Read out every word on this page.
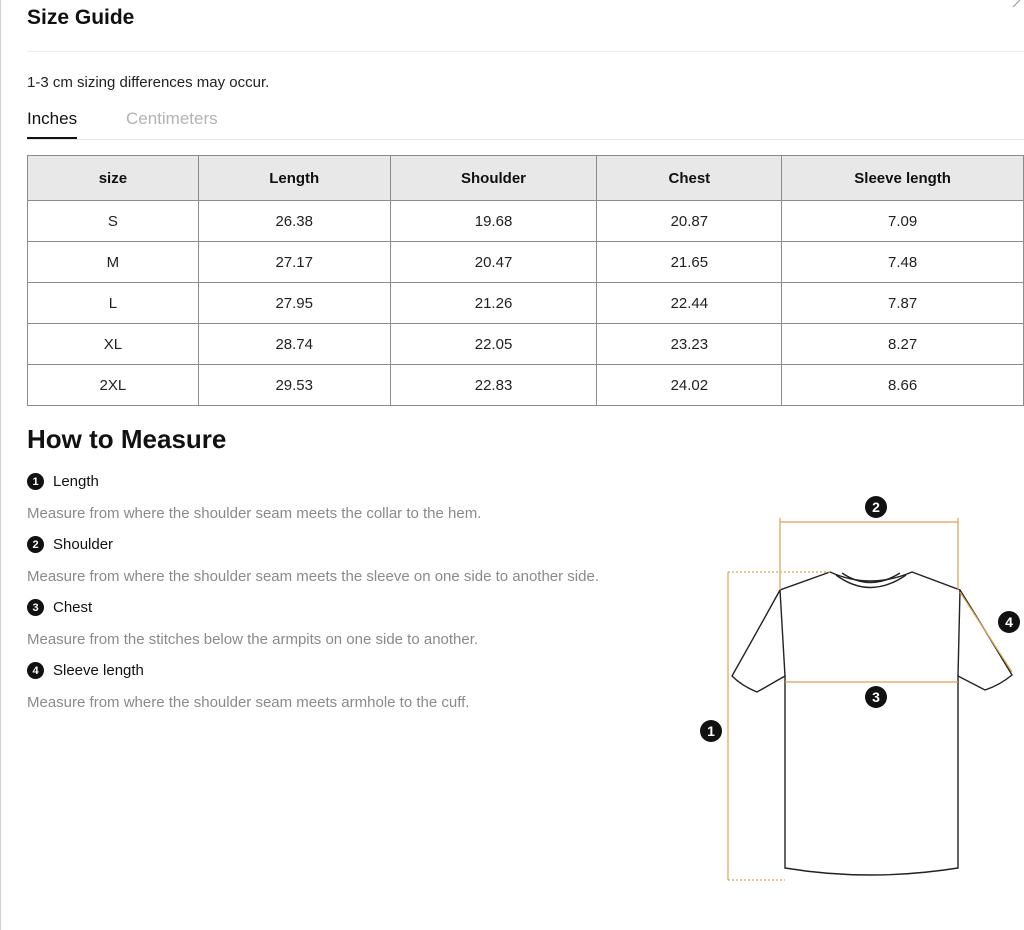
Size Guide
1-3 cm sizing differences may occur.
Inches	Centimeters
size	Length	Shoulder	Chest	Sleeve length
S	26.38	19.68	20.87	7.09
M	27.17	20.47	21.65	7.48
L	27.95	21.26	22.44	7.87
XL	28.74	22.05	23.23	8.27
2XL	29.53	22.83	24.02	8.66
How to Measure
1 Length
Measure from where the shoulder seam meets the collar to the hem.
2 Shoulder
Measure from where the shoulder seam meets the sleeve on one side to another side.
3 Chest
Measure from the stitches below the armpits on one side to another.
4 Sleeve length
Measure from where the shoulder seam meets armhole to the cuff.
1
2
3
4
